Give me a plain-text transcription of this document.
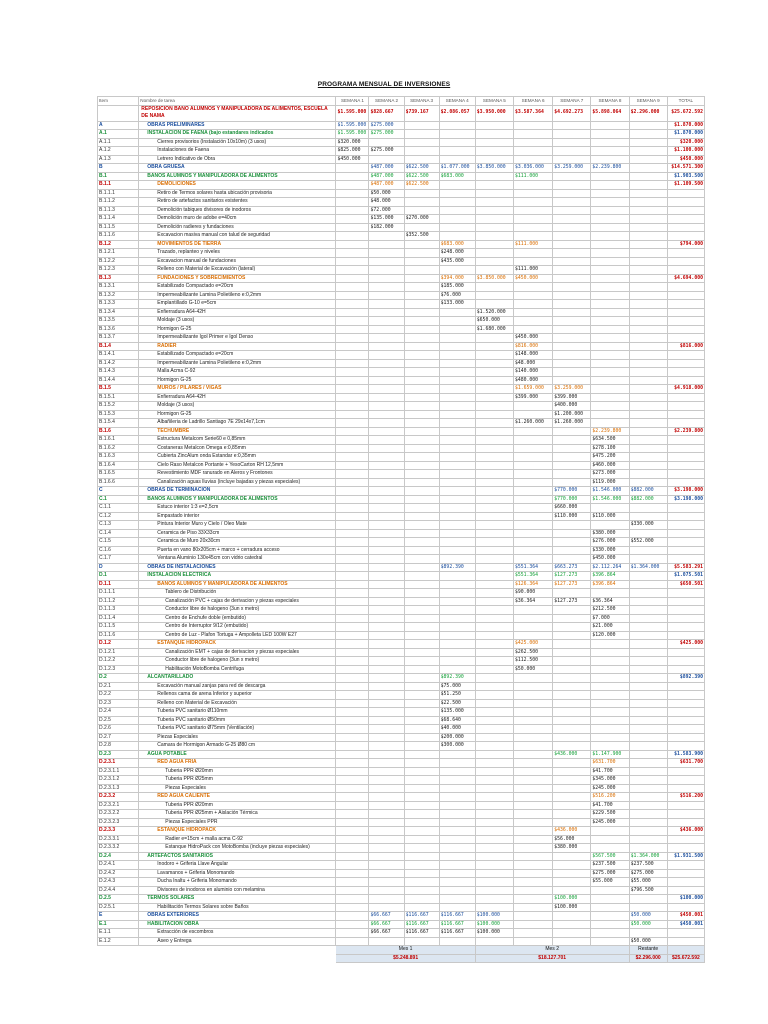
PROGRAMA MENSUAL DE INVERSIONES
Item	Nombre de tarea	SEMANA 1	SEMANA 2	SEMANA 3	SEMANA 4	SEMANA 5	SEMANA 6	SEMANA 7	SEMANA 8	SEMANA 9	TOTAL
	REPOSICIÓN BAÑO ALUMNOS Y MANIPULADORA DE ALIMENTOS, ESCUELA DE NAMA	$1.595.000	$828.667	$739.167	$2.086.057	$3.950.000	$3.587.364	$4.692.273	$5.898.064	$2.296.000	$25.672.592
A	OBRAS PRELIMINARES	$1.595.000	$275.000								$1.870.000
A.1	INSTALACION DE FAENA (bajo estandares indicados	$1.595.000	$275.000								$1.870.000
A.1.1	Cierres provisorios (Instalación 10x10m) (3 usos)	$320.000									$320.000
A.1.2	Instalaciones de Faena	$825.000	$275.000								$1.100.000
A.1.3	Letrero Indicativo de Obra	$450.000									$450.000
B	OBRA GRUESA		$487.000	$622.500	$1.077.000	$3.850.000	$3.036.000	$3.259.000	$2.239.800		$14.571.300
B.1	BAÑOS ALUMNOS Y MANIPULADORA DE ALIMENTOS		$487.000	$622.500	$683.000		$111.000				$1.903.500
B.1.1	DEMOLICIONES		$487.000	$622.500							$1.109.500
B.1.1.1	Retiro de Termos solares hasta ubicación provisoria		$50.000								
B.1.1.2	Retiro de artefactos sanitarios existentes		$48.000								
B.1.1.3	Demolición tabiques divisores de inodoros		$72.000								
B.1.1.4	Demolición muro de adobe e=40cm		$135.000	$270.000							
B.1.1.5	Demolición radieres y fundaciones		$182.000								
B.1.1.6	Excavacion masiva manual con talud de seguridad			$352.500							
B.1.2	MOVIMIENTOS DE TIERRA				$683.000		$111.000				$794.000
B.1.2.1	Trazado, replanteo y niveles				$248.000						
B.1.2.2	Excavacion manual de fundaciones				$435.000						
B.1.2.3	Relleno con Material de Excavación (lateral)						$111.000				
B.1.3	FUNDACIONES Y SOBRECIMIENTOS				$394.000	$3.850.000	$450.000				$4.694.000
B.1.3.1	Estabilizado Compactado e=20cm				$185.000						
B.1.3.2	Impermeabilizante Lamina Polietileno e:0,2mm				$76.000						
B.1.3.3	Emplantillado G-10 e=5cm				$133.000						
B.1.3.4	Enfierradura A64-42H					$1.520.000					
B.1.3.5	Moldaje (3 usos)					$650.000					
B.1.3.6	Hormigon G-25					$1.680.000					
B.1.3.7	Impermeabilizante Igol Primer e Igol Denso						$450.000				
B.1.4	RADIER						$816.000				$816.000
B.1.4.1	Estabilizado Compactado e=20cm						$148.000				
B.1.4.2	Impermeabilizante Lamina Polietileno e:0,2mm						$48.000				
B.1.4.3	Malla Acma C-92						$140.000				
B.1.4.4	Hormigon G-25						$480.000				
B.1.5	MUROS / PILARES / VIGAS						$1.659.000	$3.259.000			$4.918.000
B.1.5.1	Enfierradura A64-42H						$399.000	$399.000			
B.1.5.2	Moldaje (3 usos)							$400.000			
B.1.5.3	Hormigon G-25							$1.200.000			
B.1.5.4	Albañileria de Ladrillo Santiago 7E 29x14x7,1cm						$1.260.000	$1.260.000			
B.1.6	TECHUMBRE								$2.239.800		$2.239.800
B.1.6.1	Estructura Metalcom Serie60 e 0,85mm								$634.500		
B.1.6.2	Costaneras Metalcon Omega e:0,85mm								$278.100		
B.1.6.3	Cubierta ZincAlum onda Estandar e:0,35mm								$475.200		
B.1.6.4	Cielo Raso Metalcon Portante + YesoCarton RH 12,5mm								$460.000		
B.1.6.5	Revestimiento MDF ranurado en Aleros y Frontones								$273.000		
B.1.6.6	Canalización aguas lluvias (incluye bajadas y piezas especiales)								$119.000		
C	OBRAS DE TERMINACIÓN							$770.000	$1.546.000	$882.000	$3.198.000
C.1	BAÑOS ALUMNOS Y MANIPULADORA DE ALIMENTOS							$770.000	$1.546.000	$882.000	$3.198.000
C.1.1	Estuco interior 1:3 e=2,5cm							$660.000			
C.1.2	Empastado interior							$110.000	$110.000		
C.1.3	Pintura Interior Muro y Cielo / Oleo Mate									$330.000	
C.1.4	Ceramica de Piso 33X33cm								$380.000		
C.1.5	Ceramica de Muro 20x30cm								$276.000	$552.000	
C.1.6	Puerta en vano 80x205cm + marco + cerradura acceso								$330.000		
C.1.7	Ventana Aluminio 130x45cm con vidrio catedral								$450.000		
D	OBRAS DE INSTALACIONES				$892.390		$551.364	$663.273	$2.112.264	$1.364.000	$5.583.291
D.1	INSTALACION ELECTRICA						$551.364	$127.273	$396.864		$1.075.501
D.1.1	BAÑOS ALUMNOS Y MANIPULADORA DE ALIMENTOS						$126.364	$127.273	$396.864		$650.501
D.1.1.1	Tablero de Distribución						$90.000				
D.1.1.2	Canalización PVC + cajas de derivacion y piezas especiales						$36.364	$127.273	$36.364		
D.1.1.3	Conductor libre de halogeno (3un x metro)								$212.500		
D.1.1.4	Centro de Enchufe doble (embutido)								$7.000		
D.1.1.5	Centro de Interruptor 9/12 (embutido)								$21.000		
D.1.1.6	Centro de Luz - Plafon Tortuga + Ampolleta LED 100W E27								$120.000		
D.1.2	ESTANQUE HIDROPACK						$425.000				$425.000
D.1.2.1	Canalización EMT + cajas de derivacion y piezas especiales						$262.500				
D.1.2.2	Conductor libre de halogeno (3un x metro)						$112.500				
D.1.2.3	Habilitación MotoBomba Centrifuga						$50.000				
D.2	ALCANTARILLADO				$892.390						$892.390
D.2.1	Excavación manual zanjas para red de descarga				$75.000						
D.2.2	Rellenos cama de arena Inferior y superior				$51.250						
D.2.3	Relleno con Material de Excavación				$22.500						
D.2.4	Tuberia PVC sanitario Ø110mm				$135.000						
D.2.5	Tuberia PVC sanitario Ø50mm				$68.640						
D.2.6	Tuberia PVC sanitario Ø75mm (Ventilación)				$40.000						
D.2.7	Piezas Especiales				$200.000						
D.2.8	Camara de Hormigon Armado G-25 Ø80 cm				$300.000						
D.2.3	AGUA POTABLE							$436.000	$1.147.900		$1.583.900
D.2.3.1	RED AGUA FRIA								$631.700		$631.700
D.2.3.1.1	Tuberia PPR Ø20mm								$41.700		
D.2.3.1.2	Tuberia PPR Ø25mm								$345.000		
D.2.3.1.3	Piezas Especiales								$245.000		
D.2.3.2	RED AGUA CALIENTE								$516.200		$516.200
D.2.3.2.1	Tuberia PPR Ø20mm								$41.700		
D.2.3.2.2	Tuberia PPR Ø25mm + Aislación Térmica								$229.500		
D.2.3.2.3	Piezas Especiales PPR								$245.000		
D.2.3.3	ESTANQUE HIDROPACK							$436.000			$436.000
D.2.3.3.1	Radier e=15cm + malla acma C-92							$56.000			
D.2.3.3.2	Estanque HidroPack con MotoBomba (incluye piezas especiales)							$380.000			
D.2.4	ARTEFACTOS SANITARIOS								$567.500	$1.364.000	$1.931.500
D.2.4.1	Inodoro + Griferia Llave Angular								$237.500	$237.500	
D.2.4.2	Lavamanos + Griferia Monomando								$275.000	$275.000	
D.2.4.3	Ducha Inaltu + Griferia Monomando								$55.000	$55.000	
D.2.4.4	Divisores de inodoros en aluminio con melamina									$796.500	
D.2.5	TERMOS SOLARES							$100.000			$100.000
D.2.5.1	Habilitación Termos Solares sobre Baños							$100.000			
E	OBRAS EXTERIORES		$66.667	$116.667	$116.667	$100.000				$50.000	$450.001
E.1	HABILITACIÓN OBRA		$66.667	$116.667	$116.667	$100.000				$50.000	$450.001
E.1.1	Extracción de escombros		$66.667	$116.667	$116.667	$100.000					
E.1.2	Aseo y Entrega									$50.000	
		Mes 1				Mes 2				Restante	
		$5.248.891				$18.127.701				$2.296.000	$25.672.592
